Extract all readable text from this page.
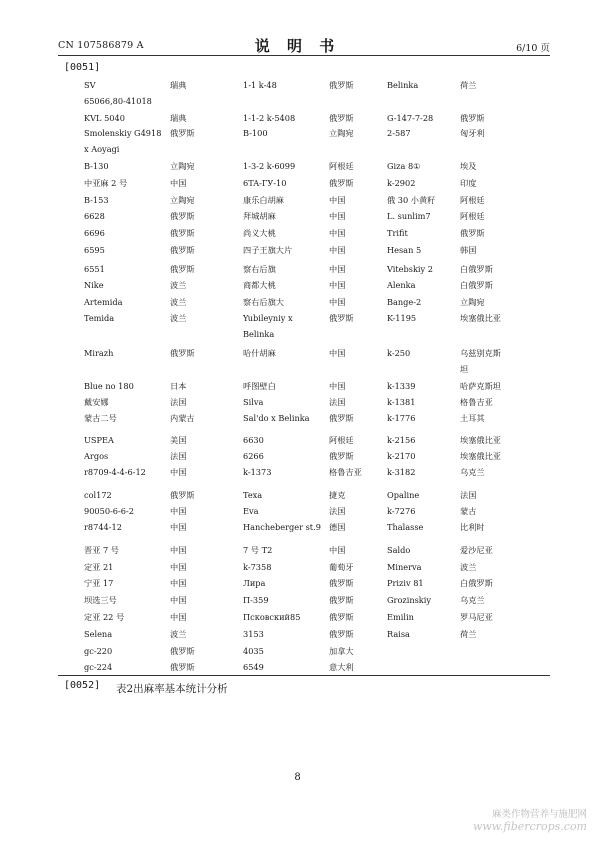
CN 107586879 A	说 明 书	6/10 页
[0051]
SV	瑞典	1-1 k-48	俄罗斯	Belinka	荷兰
65066,80-41018
KVL 5040	瑞典	1-1-2 k-5408	俄罗斯	G-147-7-28	俄罗斯
Smolenskiy G4918 俄罗斯	B-100	立陶宛	2-587	匈牙利
x Aoyagi
B-130	立陶宛	1-3-2 k-6099	阿根廷	Giza 8①	埃及
中亚麻 2 号	中国	6TA-ГУ-10	俄罗斯	k-2902	印度
B-153	立陶宛	康乐白胡麻	中国	俄 30 小黄籽	阿根廷
6628	俄罗斯	拜城胡麻	中国	L. sunlim7	阿根廷
6696	俄罗斯	尚义大桃	中国	Trifit	俄罗斯
6595	俄罗斯	四子王旗大片	中国	Hesan 5	韩国
6551	俄罗斯	察右后旗	中国	Vitebskiy 2	白俄罗斯
Nike	波兰	商都大桃	中国	Alenka	白俄罗斯
Artemida	波兰	察右后旗大	中国	Bange-2	立陶宛
Temida	波兰	Yubileyniy x	俄罗斯	K-1195	埃塞俄比亚
Belinka
Mirazh	俄罗斯	哈什胡麻	中国	k-250	乌兹别克斯
坦
Blue no 180	日本	呼图壁白	中国	k-1339	哈萨克斯坦
戴安娜	法国	Silva	法国	k-1381	格鲁吉亚
蒙古二号	内蒙古	Sal'do x Belinka 俄罗斯	k-1776	土耳其
USPEA	美国	6630	阿根廷	k-2156	埃塞俄比亚
Argos	法国	6266	俄罗斯	k-2170	埃塞俄比亚
r8709-4-4-6-12	中国	k-1373	格鲁吉亚	k-3182	乌克兰
col172	俄罗斯	Texa	捷克	Opaline	法国
90050-6-6-2	中国	Eva	法国	k-7276	蒙古
r8744-12	中国	Hancheberger st.9 德国	Thalasse	比利时
晋亚 7 号	中国	7 号 T2	中国	Saldo	爱沙尼亚
定亚 21	中国	k-7358	葡萄牙	Minerva	波兰
宁亚 17	中国	Лира	俄罗斯	Priziv 81	白俄罗斯
坝选三号	中国	П-359	俄罗斯	Grozinskiy	乌克兰
定亚 22 号	中国	Псковский85	俄罗斯	Emilin	罗马尼亚
Selena	波兰	3153	俄罗斯	Raisa	荷兰
gc-220	俄罗斯	4035	加拿大
gc-224	俄罗斯	6549	意大利
[0052] 表2出麻率基本统计分析
8
麻类作物营养与施肥网
www.fibercrops.com
